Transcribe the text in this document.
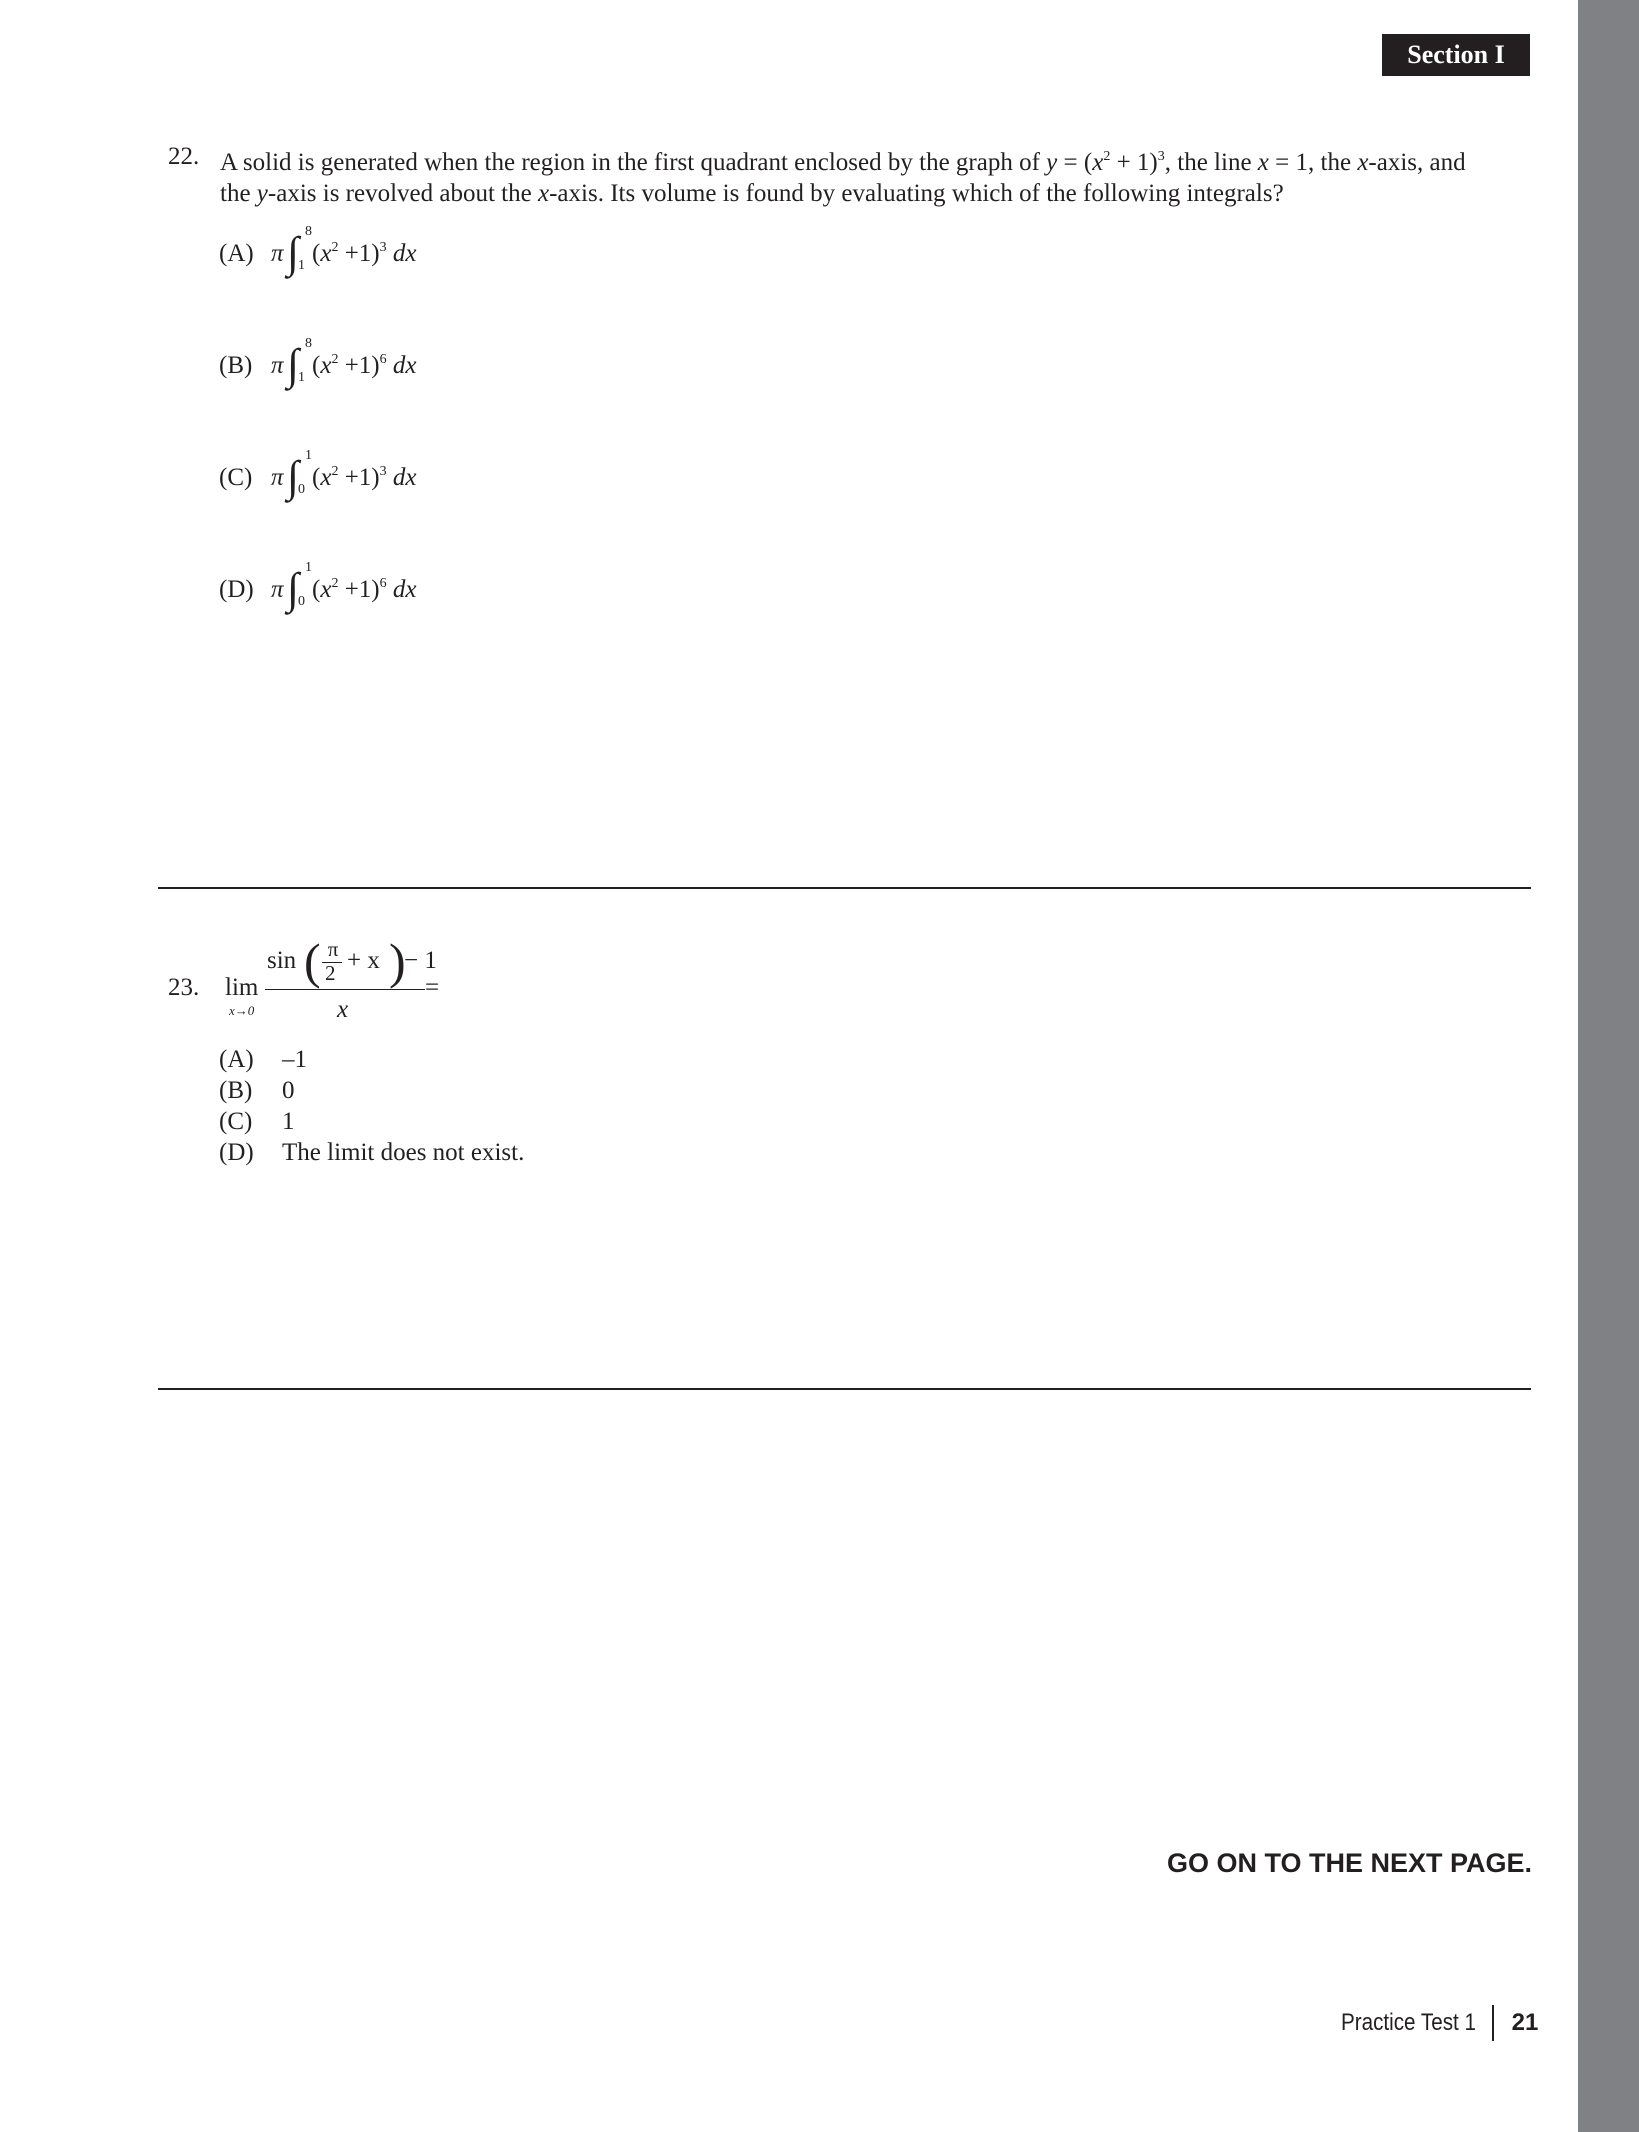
Section I
22. A solid is generated when the region in the first quadrant enclosed by the graph of $y = (x^2 + 1)^3$, the line x = 1, the x-axis, and
the y-axis is revolved about the x-axis. Its volume is found by evaluating which of the following integrals?
(A) π ∫ 8
1 $(x^2 +1)^3$ dx
(B) π ∫ 8
1 $(x^2 +1)^6$ dx
(C) π ∫ 1
0 $(x^2 +1)^3$ dx
(D) π ∫ 1
0 $(x^2 +1)^6$ dx
23. lim
x→0
sin ( π
2 + x )
− 1
x
=
(A) –1
(B) 0
(C) 1
(D) The limit does not exist.
GO ON TO THE NEXT PAGE.
Practice Test 1 21
